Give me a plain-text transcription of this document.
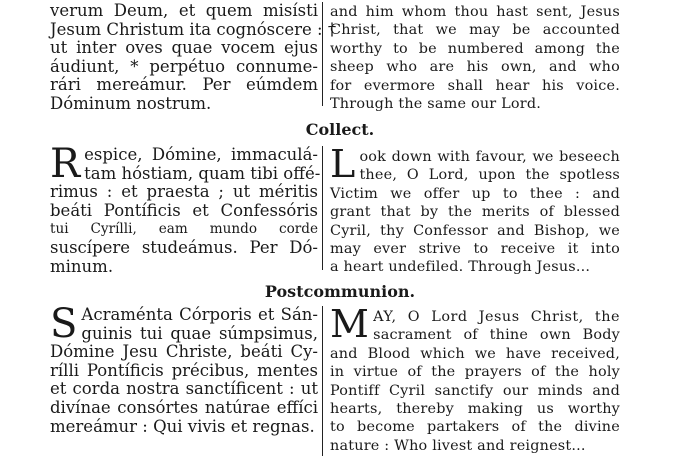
verum Deum, et quem misísti
Jesum Christum ita cognóscere : †
ut inter oves quae vocem ejus
áudiunt, * perpétuo connume-
rári mereámur. Per eúmdem
Dóminum nostrum.
and him whom thou hast sent, Jesus
Christ, that we may be accounted
worthy to be numbered among the
sheep who are his own, and who
for evermore shall hear his voice.
Through the same our Lord.
Collect.
R espice, Dómine, immaculá-
tam hóstiam, quam tibi offé-
rimus : et praesta ; ut méritis
beáti Pontíficis et Confessóris
tui Cyrílli, eam mundo corde
suscípere studeámus. Per Dó-
minum.
L ook down with favour, we beseech
thee, O Lord, upon the spotless
Victim we offer up to thee : and
grant that by the merits of blessed
Cyril, thy Confessor and Bishop, we
may ever strive to receive it into
a heart undefiled. Through Jesus...
Postcommunion.
S Acraménta Córporis et Sán-
guinis tui quae súmpsimus,
Dómine Jesu Christe, beáti Cy-
rílli Pontíficis précibus, mentes
et corda nostra sanctíficent : ut
divínae consórtes natúrae effíci
mereámur : Qui vivis et regnas.
M AY, O Lord Jesus Christ, the
sacrament of thine own Body
and Blood which we have received,
in virtue of the prayers of the holy
Pontiff Cyril sanctify our minds and
hearts, thereby making us worthy
to become partakers of the divine
nature : Who livest and reignest...
